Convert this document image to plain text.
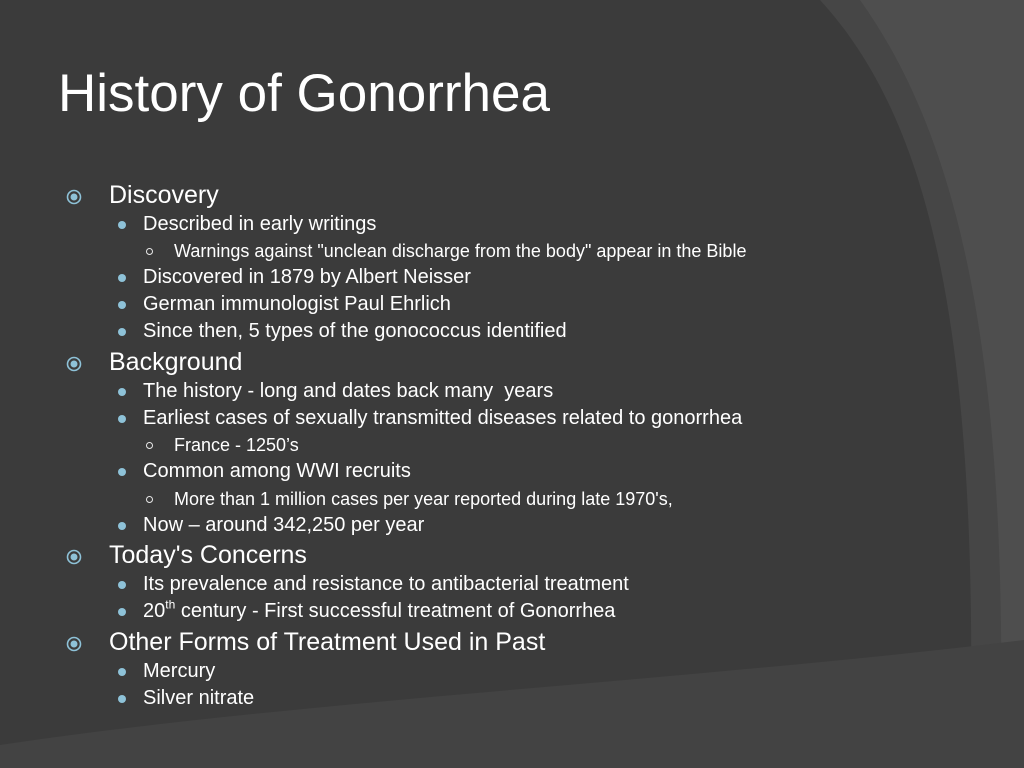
History of Gonorrhea
Discovery
Described in early writings
Warnings against "unclean discharge from the body" appear in the Bible
Discovered in 1879 by Albert Neisser
German immunologist Paul Ehrlich
Since then, 5 types of the gonococcus identified
Background
The history - long and dates back many  years
Earliest cases of sexually transmitted diseases related to gonorrhea
France - 1250’s
Common among WWI recruits
More than 1 million cases per year reported during late 1970's,
Now – around 342,250 per year
Today's Concerns
Its prevalence and resistance to antibacterial treatment
20th century - First successful treatment of Gonorrhea
Other Forms of Treatment Used in Past
Mercury
Silver nitrate
